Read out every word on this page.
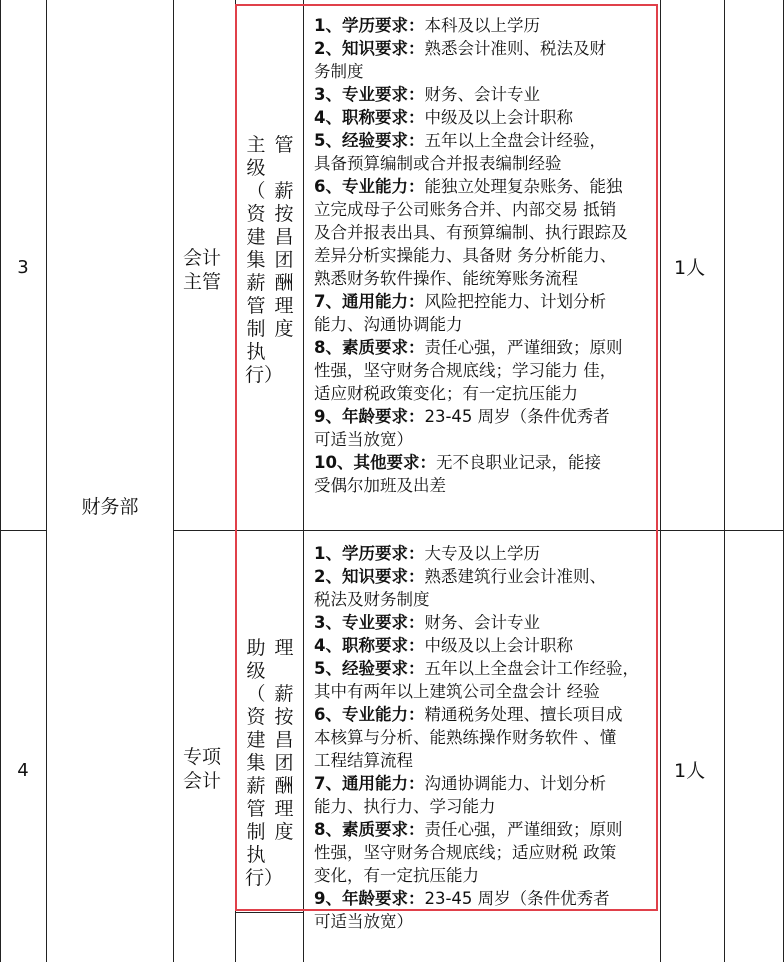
3	会计
主管
管

薪
按
昌
团
酬
理
度
主
级
（
资
建
集
薪
管
制
执
行）

1、学历要求：本科及以上学历

2、知识要求：熟悉会计准则、税法及财

务制度

3、专业要求：财务、会计专业

4、职称要求：中级及以上会计职称

5、经验要求：五年以上全盘会计经验，

具备预算编制或合并报表编制经验

6、专业能力：能独立处理复杂账务、能独

立完成母子公司账务合并、内部交易 抵销

及合并报表出具、有预算编制、执行跟踪及

差异分析实操能力、具备财 务分析能力、

熟悉财务软件操作、能统筹账务流程

7、通用能力：风险把控能力、计划分析

能力、沟通协调能力

8、素质要求：责任心强，严谨细致；原则

性强，坚守财务合规底线；学习能力 佳，

适应财税政策变化；有一定抗压能力

9、年龄要求：23-45 周岁（条件优秀者

可适当放宽）

10、其他要求：无不良职业记录，能接

受偶尔加班及出差

1人
财务部
4
专项
会计
理

薪
按
昌
团
酬
理
度
助
级
（
资
建
集
薪
管
制
执
行）

1、学历要求：大专及以上学历

2、知识要求：熟悉建筑行业会计准则、

税法及财务制度

3、专业要求：财务、会计专业

4、职称要求：中级及以上会计职称

5、经验要求：五年以上全盘会计工作经验，

其中有两年以上建筑公司全盘会计 经验

6、专业能力：精通税务处理、擅长项目成

本核算与分析、能熟练操作财务软件 、懂

工程结算流程

7、通用能力：沟通协调能力、计划分析

能力、执行力、学习能力

8、素质要求：责任心强，严谨细致；原则

性强，坚守财务合规底线；适应财税 政策

变化，有一定抗压能力

9、年龄要求：23-45 周岁（条件优秀者

可适当放宽）

1人
